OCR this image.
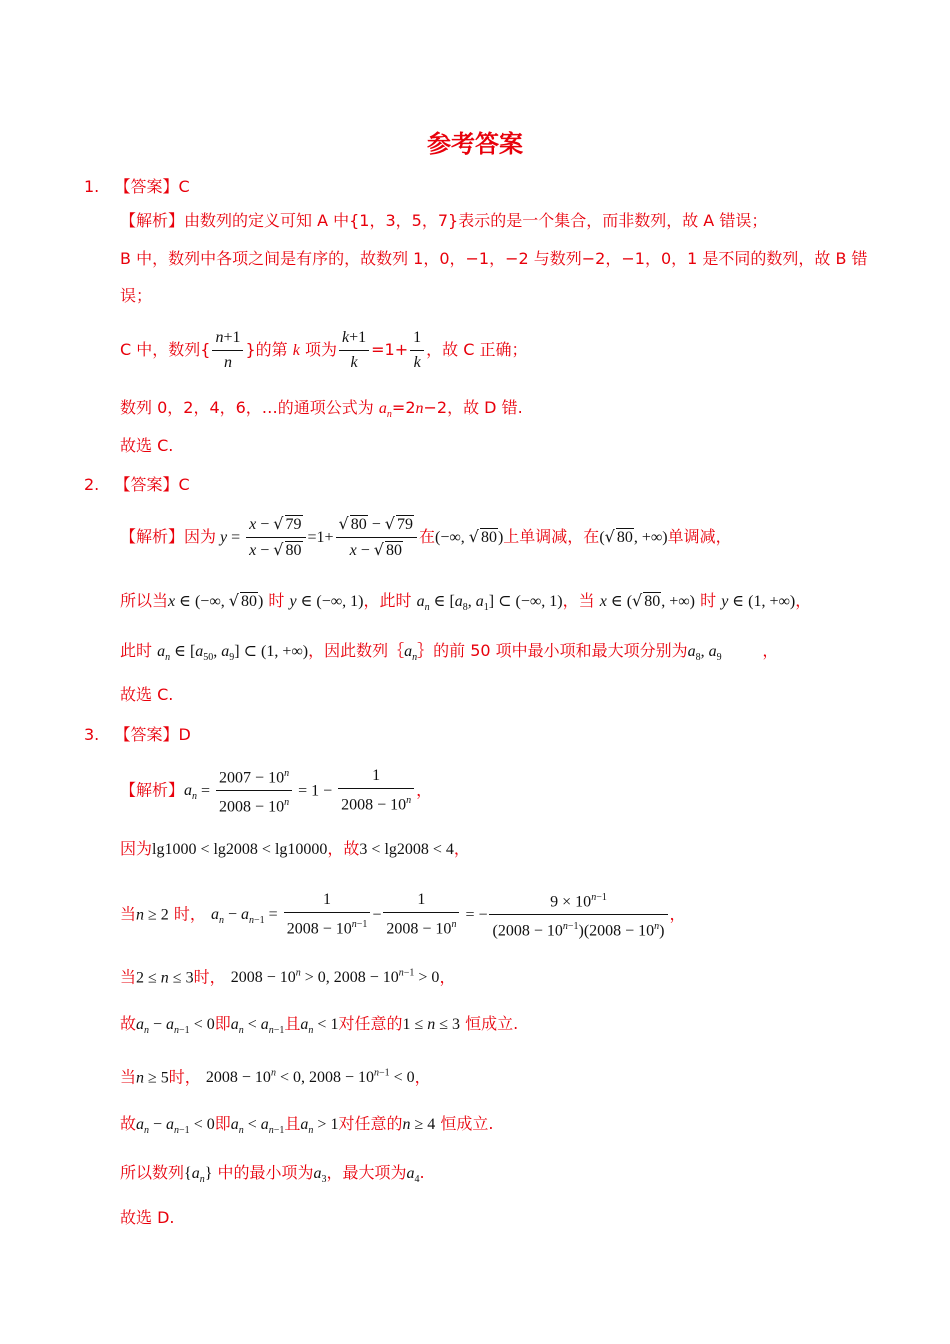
参考答案
1. 【答案】C
【解析】由数列的定义可知 A 中{1，3，5，7}表示的是一个集合，而非数列，故 A 错误；
B 中，数列中各项之间是有序的，故数列 1，0，−1，−2 与数列−2，−1，0，1 是不同的数列，故 B 错
误；
C 中，数列{ $\frac{n+1}{n}$ }的第 k 项为 $\frac{k+1}{k} =1+ \frac{1}{k}$ ，故 C 正确；
数列 0，2，4，6，…的通项公式为 $a_n=2n-2$，故 D 错.
故选 C.
2. 【答案】C
【解析】因为 $y = \frac{x - √ 79}{x - √ 80} =1+ \frac{√ 80 - √ 79}{x - √ 80}$ 在(−∞, √ 80)上单调减，在(√ 80, +∞)单调减，
所以当x ∈ (−∞, √ 80) 时 y ∈ (−∞, 1)，此时 $a_n$ ∈ [$a_8$, $a_1$] ⊂ (−∞, 1)，当 x ∈ (√ 80, +∞) 时 y ∈ (1, +∞)，
此时 $a_n$ ∈ [$a_{50}$, $a_9$] ⊂ (1, +∞)，因此数列$\{a_n\}$的前 50 项中最小项和最大项分别为$a_8$, $a_9$	，
故选 C.
3. 【答案】D
【解析】$a_n = \frac{2007 - 10^n}{2008 - 10^n} = 1 - \frac{1}{2008 - 10^n}$ ，
因为lg1000 < lg2008 < lg10000，故3 < lg2008 < 4，
当n ≥ 2 时， $a_n - a_{n-1} = \frac{1}{2008 - 10^{n-1}} - \frac{1}{2008 - 10^n}$ = − $\frac{9 \times 10^{n-1}}{(2008 - 10^{n-1})(2008 - 10^n)}$ ，
当2 ≤ n ≤ 3时， $2008 - 10^n > 0$, $2008 - 10^{n-1} > 0$，
故$a_n - a_{n-1} < 0$即$a_n < a_{n-1}$且$a_n < 1$对任意的1 ≤ n ≤ 3 恒成立.
当n ≥ 5时， $2008 - 10^n < 0$, $2008 - 10^{n-1} < 0$，
故$a_n - a_{n-1} < 0$即$a_n < a_{n-1}$且$a_n > 1$对任意的n ≥ 4 恒成立.
所以数列$\{a_n\}$ 中的最小项为$a_3$，最大项为$a_4$.
故选 D.
